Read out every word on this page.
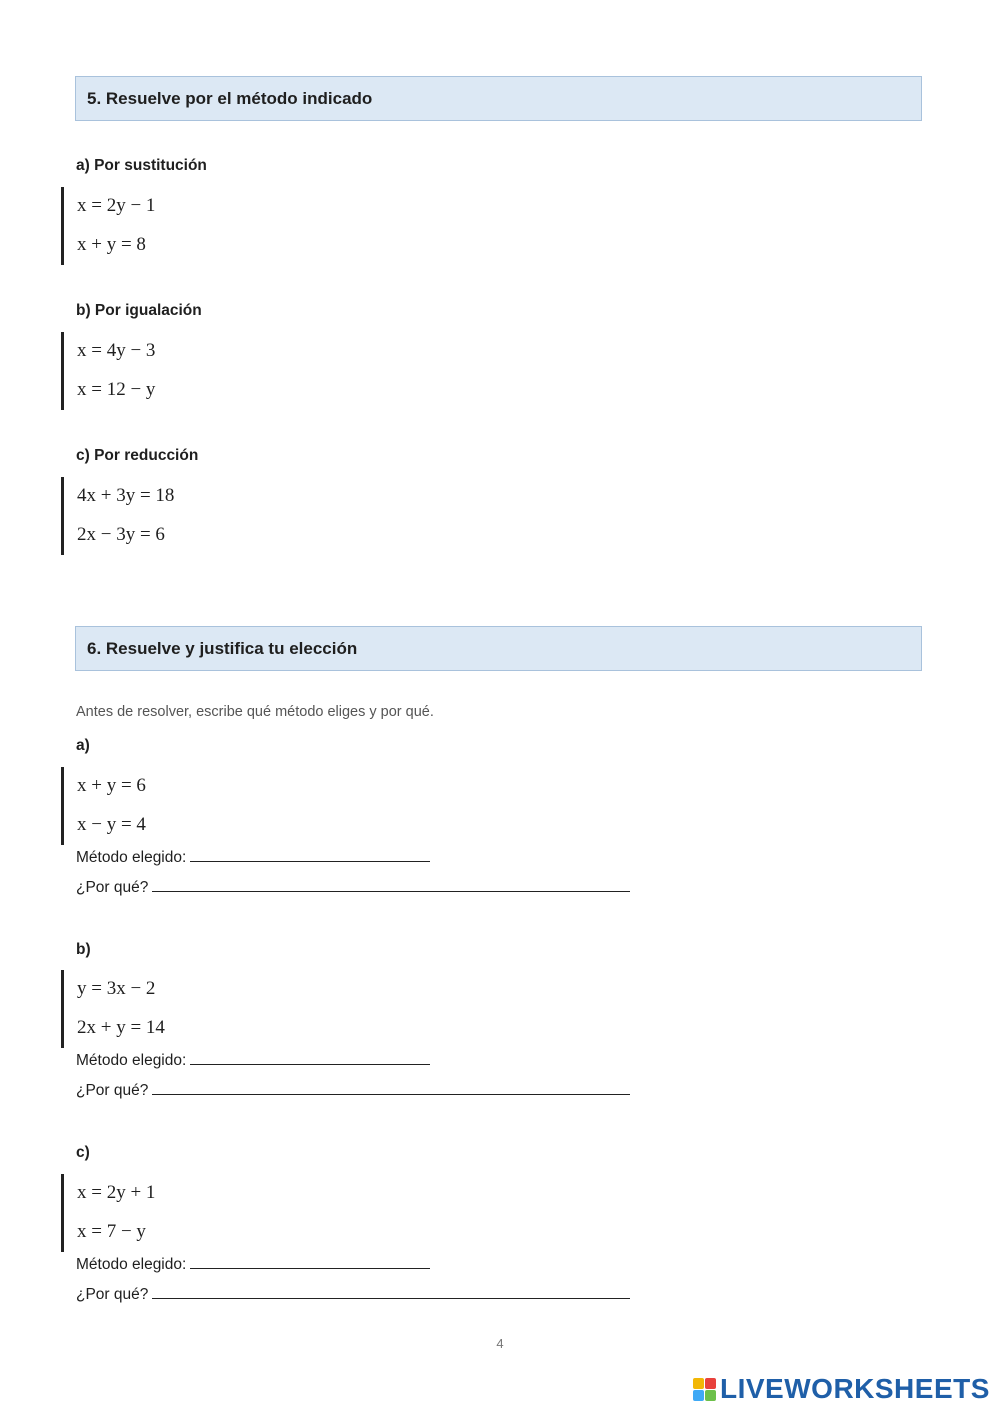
5. Resuelve por el método indicado
a) Por sustitución
x = 2y − 1
x + y = 8
b) Por igualación
x = 4y − 3
x = 12 − y
c) Por reducción
4x + 3y = 18
2x − 3y = 6
6. Resuelve y justifica tu elección
Antes de resolver, escribe qué método eliges y por qué.
a)
x + y = 6
x − y = 4
Método elegido:
¿Por qué?
b)
y = 3x − 2
2x + y = 14
Método elegido:
¿Por qué?
c)
x = 2y + 1
x = 7 − y
Método elegido:
¿Por qué?
4
LIVEWORKSHEETS
